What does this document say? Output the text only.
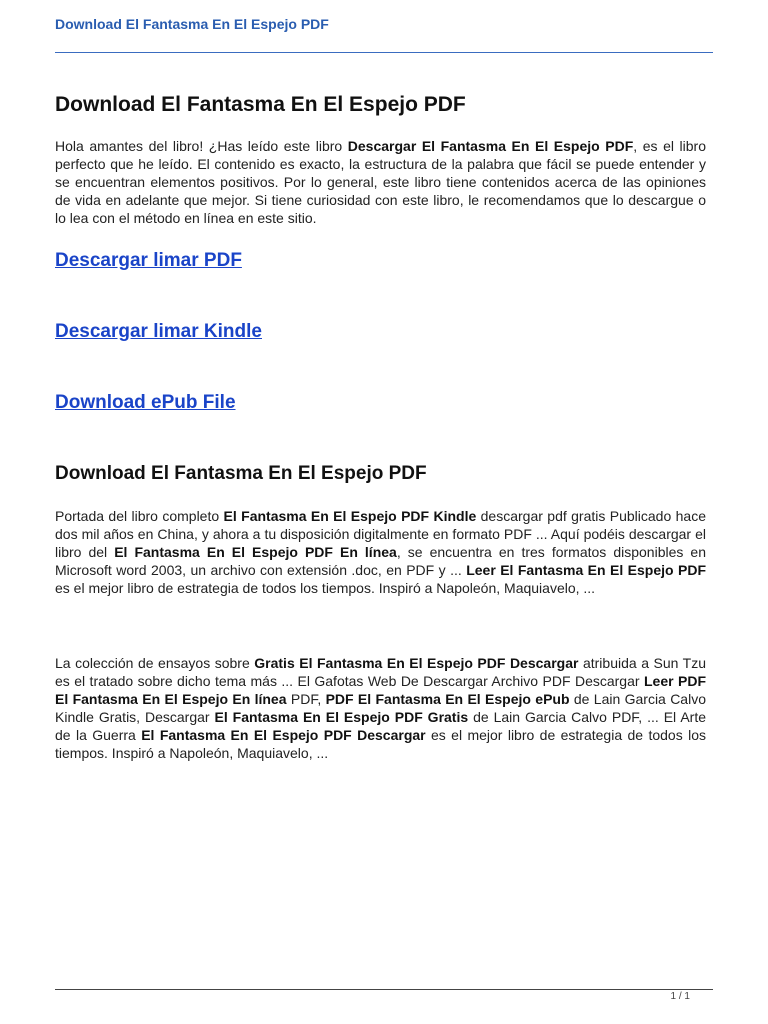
Download El Fantasma En El Espejo PDF
Download El Fantasma En El Espejo PDF

Hola amantes del libro! ¿Has leído este libro Descargar El Fantasma En El Espejo PDF, es el libro perfecto que he leído. El contenido es exacto, la estructura de la palabra que fácil se puede entender y se encuentran elementos positivos. Por lo general, este libro tiene contenidos acerca de las opiniones de vida en adelante que mejor. Si tiene curiosidad con este libro, le recomendamos que lo descargue o lo lea con el método en línea en este sitio.

Descargar limar PDF
Descargar limar Kindle
Download ePub File
Download El Fantasma En El Espejo PDF

Portada del libro completo El Fantasma En El Espejo PDF Kindle descargar pdf gratis Publicado hace dos mil años en China, y ahora a tu disposición digitalmente en formato PDF ... Aquí podéis descargar el libro del El Fantasma En El Espejo PDF En línea, se encuentra en tres formatos disponibles en Microsoft word 2003, un archivo con extensión .doc, en PDF y ... Leer El Fantasma En El Espejo PDF es el mejor libro de estrategia de todos los tiempos. Inspiró a Napoleón, Maquiavelo, ...

La colección de ensayos sobre Gratis El Fantasma En El Espejo PDF Descargar atribuida a Sun Tzu es el tratado sobre dicho tema más ... El Gafotas Web De Descargar Archivo PDF Descargar Leer PDF El Fantasma En El Espejo En línea PDF, PDF El Fantasma En El Espejo ePub de Lain Garcia Calvo Kindle Gratis, Descargar El Fantasma En El Espejo PDF Gratis de Lain Garcia Calvo PDF, ... El Arte de la Guerra El Fantasma En El Espejo PDF Descargar es el mejor libro de estrategia de todos los tiempos. Inspiró a Napoleón, Maquiavelo, ...

1 / 1
